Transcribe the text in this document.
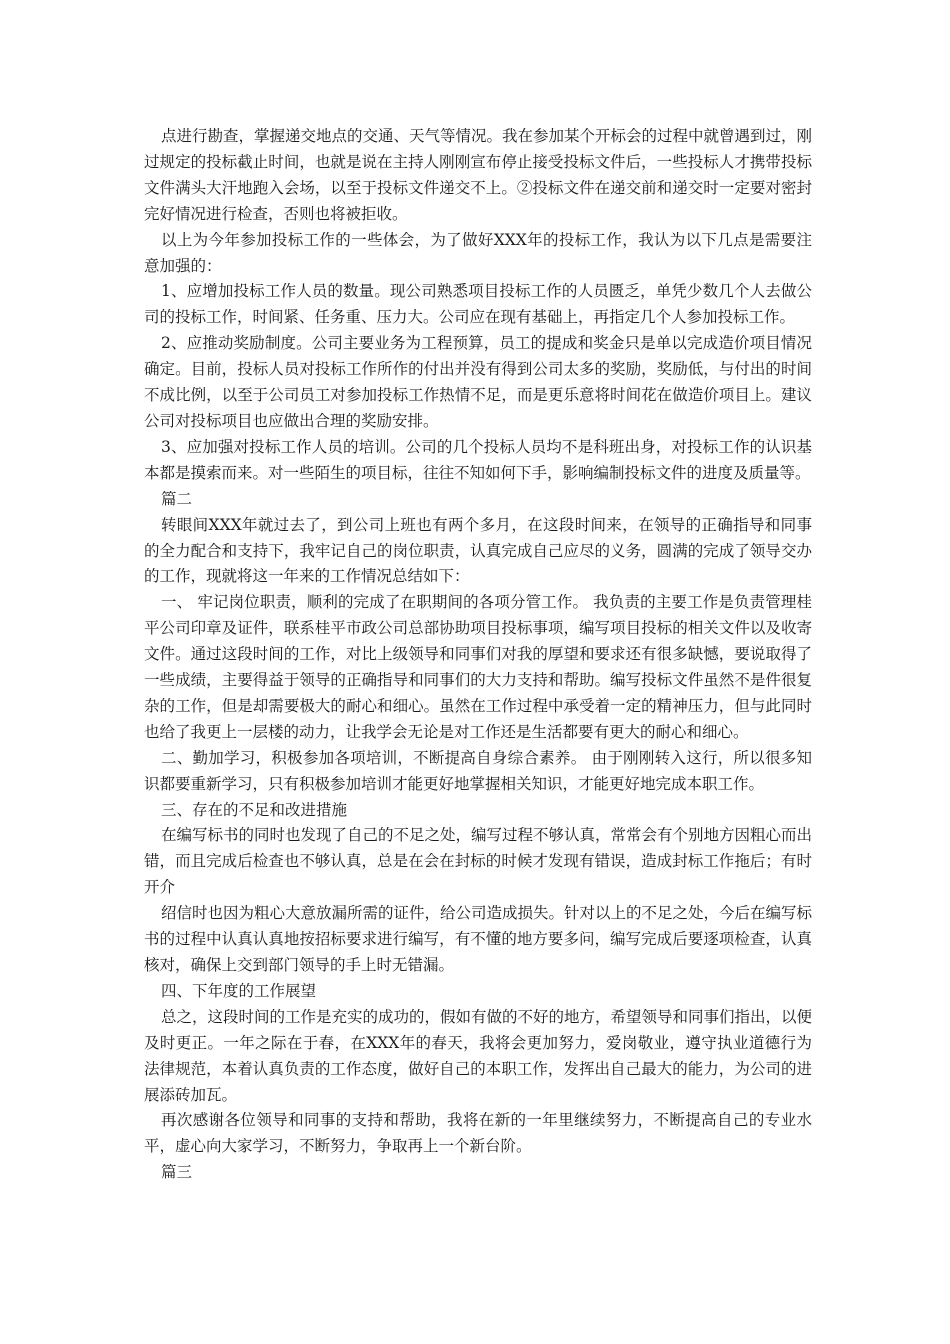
点进行勘查，掌握递交地点的交通、天气等情况。我在参加某个开标会的过程中就曾遇到过，刚过规定的投标截止时间，也就是说在主持人刚刚宣布停止接受投标文件后，一些投标人才携带投标文件满头大汗地跑入会场，以至于投标文件递交不上。②投标文件在递交前和递交时一定要对密封完好情况进行检查，否则也将被拒收。

以上为今年参加投标工作的一些体会，为了做好XXX年的投标工作，我认为以下几点是需要注意加强的：

1、应增加投标工作人员的数量。现公司熟悉项目投标工作的人员匮乏，单凭少数几个人去做公司的投标工作，时间紧、任务重、压力大。公司应在现有基础上，再指定几个人参加投标工作。

2、应推动奖励制度。公司主要业务为工程预算，员工的提成和奖金只是单以完成造价项目情况确定。目前，投标人员对投标工作所作的付出并没有得到公司太多的奖励，奖励低，与付出的时间不成比例，以至于公司员工对参加投标工作热情不足，而是更乐意将时间花在做造价项目上。建议公司对投标项目也应做出合理的奖励安排。

3、应加强对投标工作人员的培训。公司的几个投标人员均不是科班出身，对投标工作的认识基本都是摸索而来。对一些陌生的项目标，往往不知如何下手，影响编制投标文件的进度及质量等。

篇二

转眼间XXX年就过去了，到公司上班也有两个多月，在这段时间来，在领导的正确指导和同事的全力配合和支持下，我牢记自己的岗位职责，认真完成自己应尽的义务，圆满的完成了领导交办的工作，现就将这一年来的工作情况总结如下：

一、 牢记岗位职责，顺利的完成了在职期间的各项分管工作。 我负责的主要工作是负责管理桂平公司印章及证件，联系桂平市政公司总部协助项目投标事项，编写项目投标的相关文件以及收寄文件。通过这段时间的工作，对比上级领导和同事们对我的厚望和要求还有很多缺憾，要说取得了一些成绩，主要得益于领导的正确指导和同事们的大力支持和帮助。编写投标文件虽然不是件很复杂的工作，但是却需要极大的耐心和细心。虽然在工作过程中承受着一定的精神压力，但与此同时也给了我更上一层楼的动力，让我学会无论是对工作还是生活都要有更大的耐心和细心。

二、勤加学习，积极参加各项培训，不断提高自身综合素养。 由于刚刚转入这行，所以很多知识都要重新学习，只有积极参加培训才能更好地掌握相关知识，才能更好地完成本职工作。

三、存在的不足和改进措施

在编写标书的同时也发现了自己的不足之处，编写过程不够认真，常常会有个别地方因粗心而出错，而且完成后检查也不够认真，总是在会在封标的时候才发现有错误，造成封标工作拖后；有时开介

绍信时也因为粗心大意放漏所需的证件，给公司造成损失。针对以上的不足之处，今后在编写标书的过程中认真认真地按招标要求进行编写，有不懂的地方要多问，编写完成后要逐项检查，认真核对，确保上交到部门领导的手上时无错漏。

四、下年度的工作展望

总之，这段时间的工作是充实的成功的，假如有做的不好的地方，希望领导和同事们指出，以便及时更正。一年之际在于春，在XXX年的春天，我将会更加努力，爱岗敬业，遵守执业道德行为法律规范，本着认真负责的工作态度，做好自己的本职工作，发挥出自己最大的能力，为公司的进展添砖加瓦。

再次感谢各位领导和同事的支持和帮助，我将在新的一年里继续努力，不断提高自己的专业水平，虚心向大家学习，不断努力，争取再上一个新台阶。

篇三
